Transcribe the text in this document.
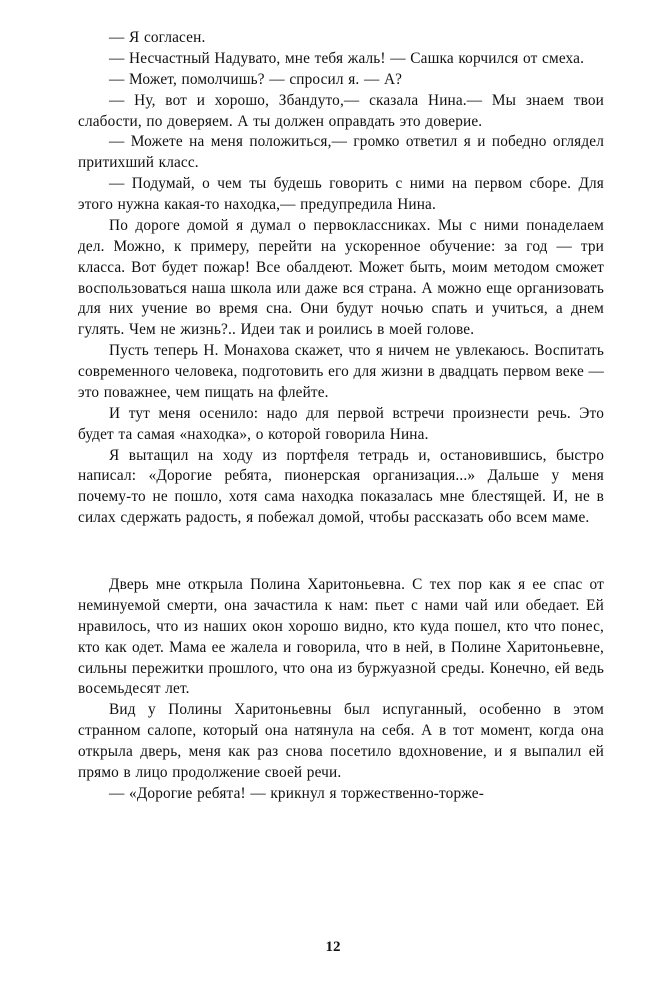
— Я согласен.

— Несчастный Надувато, мне тебя жаль! — Сашка корчился от смеха.

— Может, помолчишь? — спросил я. — А?

— Ну, вот и хорошо, Збандуто,— сказала Нина.— Мы знаем твои слабости, по доверяем. А ты должен оправдать это доверие.

— Можете на меня положиться,— громко ответил я и победно оглядел притихший класс.

— Подумай, о чем ты будешь говорить с ними на первом сборе. Для этого нужна какая-то находка,— предупредила Нина.

По дороге домой я думал о первоклассниках. Мы с ними понаделаем дел. Можно, к примеру, перейти на ускоренное обучение: за год — три класса. Вот будет пожар! Все обалдеют. Может быть, моим методом сможет воспользоваться наша школа или даже вся страна. А можно еще организовать для них учение во время сна. Они будут ночью спать и учиться, а днем гулять. Чем не жизнь?.. Идеи так и роились в моей голове.

Пусть теперь Н. Монахова скажет, что я ничем не увлекаюсь. Воспитать современного человека, подготовить его для жизни в двадцать первом веке — это поважнее, чем пищать на флейте.

И тут меня осенило: надо для первой встречи произнести речь. Это будет та самая «находка», о которой говорила Нина.

Я вытащил на ходу из портфеля тетрадь и, остановившись, быстро написал: «Дорогие ребята, пионерская организация...» Дальше у меня почему-то не пошло, хотя сама находка показалась мне блестящей. И, не в силах сдержать радость, я побежал домой, чтобы рассказать обо всем маме.

Дверь мне открыла Полина Харитоньевна. С тех пор как я ее спас от неминуемой смерти, она зачастила к нам: пьет с нами чай или обедает. Ей нравилось, что из наших окон хорошо видно, кто куда пошел, кто что понес, кто как одет. Мама ее жалела и говорила, что в ней, в Полине Харитоньевне, сильны пережитки прошлого, что она из буржуазной среды. Конечно, ей ведь восемьдесят лет.

Вид у Полины Харитоньевны был испуганный, особенно в этом странном салопе, который она натянула на себя. А в тот момент, когда она открыла дверь, меня как раз снова посетило вдохновение, и я выпалил ей прямо в лицо продолжение своей речи.

— «Дорогие ребята! — крикнул я торжественно-торже-

12
